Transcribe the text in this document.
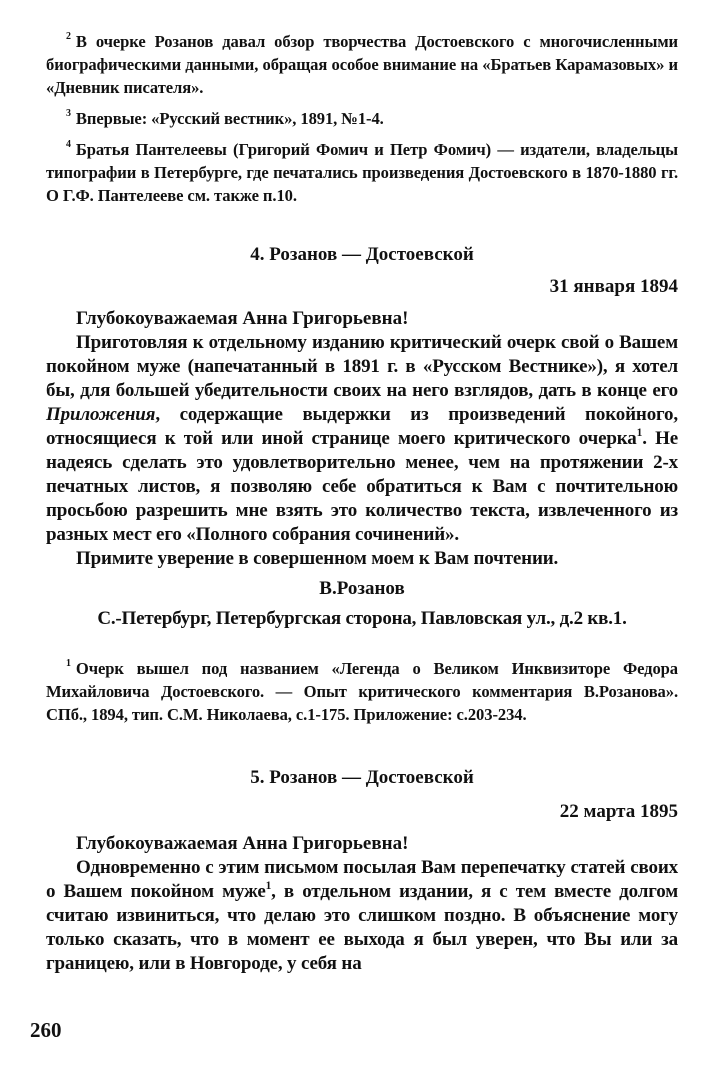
$^2$ В очерке Розанов давал обзор творчества Достоевского с многочисленными биографическими данными, обращая особое внимание на «Братьев Карамазовых» и «Дневник писателя».

$^3$ Впервые: «Русский вестник», 1891, №1-4.

$^4$ Братья Пантелеевы (Григорий Фомич и Петр Фомич) — издатели, владельцы типографии в Петербурге, где печатались произведения Достоевского в 1870-1880 гг. О Г.Ф. Пантелееве см. также п.10.

4. Розанов — Достоевской

31 января 1894

Глубокоуважаемая Анна Григорьевна!

Приготовляя к отдельному изданию критический очерк свой о Вашем покойном муже (напечатанный в 1891 г. в «Русском Вестнике»), я хотел бы, для большей убедительности своих на него взглядов, дать в конце его Приложения, содержащие выдержки из произведений покойного, относящиеся к той или иной странице моего критического очерка$^1$. Не надеясь сделать это удовлетворительно менее, чем на протяжении 2-х печатных листов, я позволяю себе обратиться к Вам с почтительною просьбою разрешить мне взять это количество текста, извлеченного из разных мест его «Полного собрания сочинений».

Примите уверение в совершенном моем к Вам почтении.

В.Розанов

С.-Петербург, Петербургская сторона, Павловская ул., д.2 кв.1.

$^1$ Очерк вышел под названием «Легенда о Великом Инквизиторе Федора Михайловича Достоевского. — Опыт критического комментария В.Розанова». СПб., 1894, тип. С.М. Николаева, с.1-175. Приложение: с.203-234.

5. Розанов — Достоевской

22 марта 1895

Глубокоуважаемая Анна Григорьевна!

Одновременно с этим письмом посылая Вам перепечатку статей своих о Вашем покойном муже$^1$, в отдельном издании, я с тем вместе долгом считаю извиниться, что делаю это слишком поздно. В объяснение могу только сказать, что в момент ее выхода я был уверен, что Вы или за границею, или в Новгороде, у себя на

260
